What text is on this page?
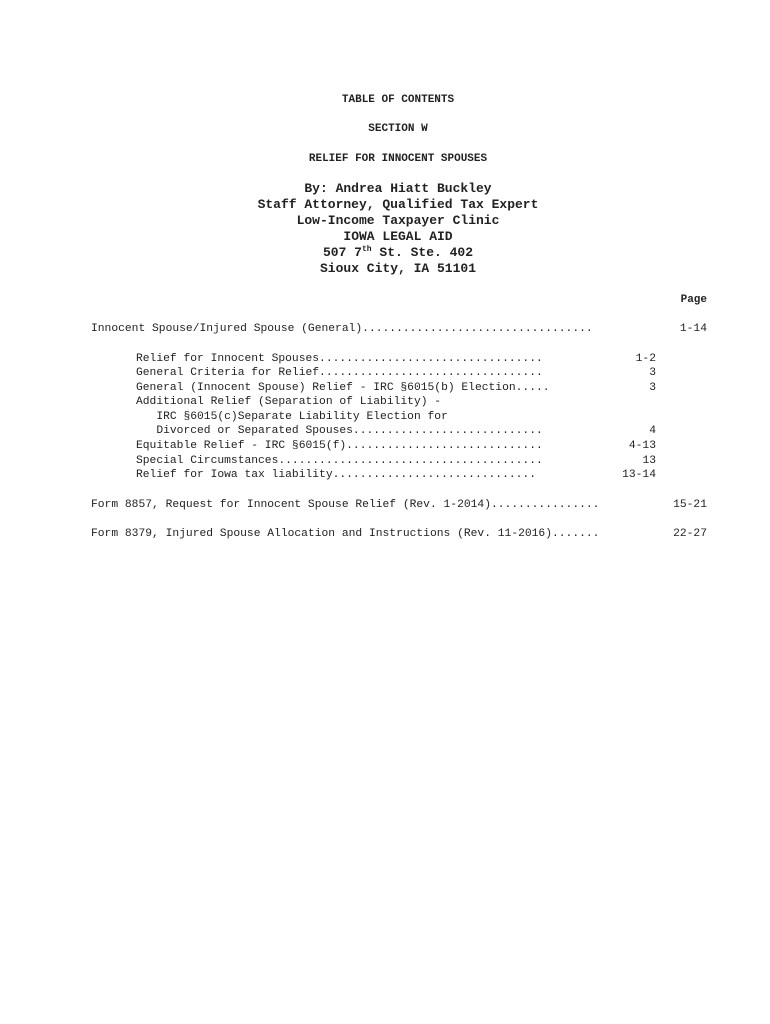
TABLE OF CONTENTS
SECTION W
RELIEF FOR INNOCENT SPOUSES
By: Andrea Hiatt Buckley
Staff Attorney, Qualified Tax Expert
Low-Income Taxpayer Clinic
IOWA LEGAL AID
507 7th St. Ste. 402
Sioux City, IA 51101
Page
Innocent Spouse/Injured Spouse (General)..................................	1-14
Relief for Innocent Spouses.................................	1-2
General Criteria for Relief.................................	3
General (Innocent Spouse) Relief - IRC §6015(b) Election.....	3
Additional Relief (Separation of Liability) -
IRC §6015(c)Separate Liability Election for
Divorced or Separated Spouses............................	4
Equitable Relief - IRC §6015(f).............................	4-13
Special Circumstances.......................................	13
Relief for Iowa tax liability..............................	13-14
Form 8857, Request for Innocent Spouse Relief (Rev. 1-2014)................	15-21
Form 8379, Injured Spouse Allocation and Instructions (Rev. 11-2016).......	22-27
